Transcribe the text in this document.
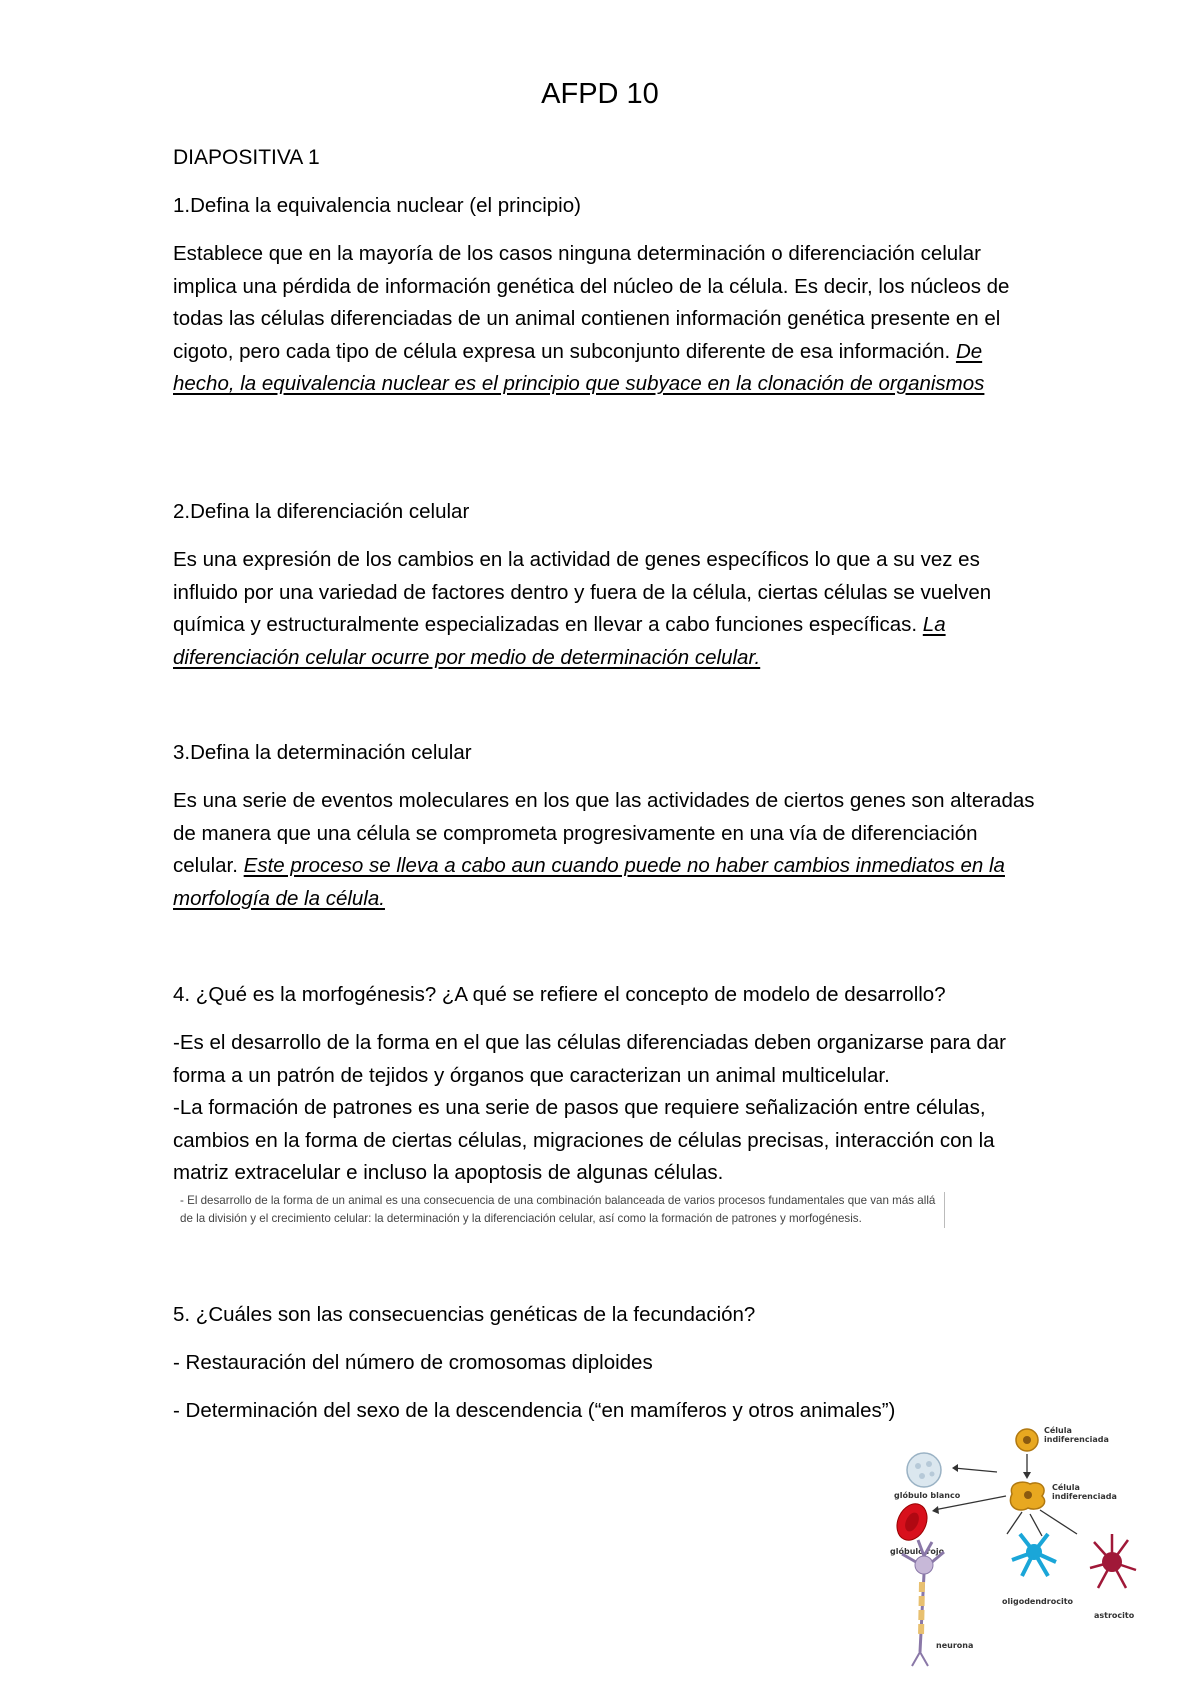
AFPD 10

DIAPOSITIVA 1

1.Defina la equivalencia nuclear (el principio)

Establece que en la mayoría de los casos ninguna determinación o diferenciación celular implica una pérdida de información genética del núcleo de la célula. Es decir, los núcleos de todas las células diferenciadas de un animal contienen información genética presente en el cigoto, pero cada tipo de célula expresa un subconjunto diferente de esa información. De hecho, la equivalencia nuclear es el principio que subyace en la clonación de organismos

2.Defina la diferenciación celular

Es una expresión de los cambios en la actividad de genes específicos lo que a su vez es influido por una variedad de factores dentro y fuera de la célula, ciertas células se vuelven química y estructuralmente especializadas en llevar a cabo funciones específicas. La diferenciación celular ocurre por medio de determinación celular.

3.Defina la determinación celular

Es una serie de eventos moleculares en los que las actividades de ciertos genes son alteradas de manera que una célula se comprometa progresivamente en una vía de diferenciación celular. Este proceso se lleva a cabo aun cuando puede no haber cambios inmediatos en la morfología de la célula.

4. ¿Qué es la morfogénesis? ¿A qué se refiere el concepto de modelo de desarrollo?

-Es el desarrollo de la forma en el que las células diferenciadas deben organizarse para dar forma a un patrón de tejidos y órganos que caracterizan un animal multicelular.

-La formación de patrones es una serie de pasos que requiere señalización entre células, cambios en la forma de ciertas células, migraciones de células precisas, interacción con la matriz extracelular e incluso la apoptosis de algunas células.

- El desarrollo de la forma de un animal es una consecuencia de una combinación balanceada de varios procesos fundamentales que van más allá de la división y el crecimiento celular: la determinación y la diferenciación celular, así como la formación de patrones y morfogénesis.

5. ¿Cuáles son las consecuencias genéticas de la fecundación?

- Restauración del número de cromosomas diploides

- Determinación del sexo de la descendencia (“en mamíferos y otros animales”)

Célula
indiferenciada
Célula
indiferenciada
glóbulo blanco
glóbulo rojo
neurona
oligodendrocito
astrocito
